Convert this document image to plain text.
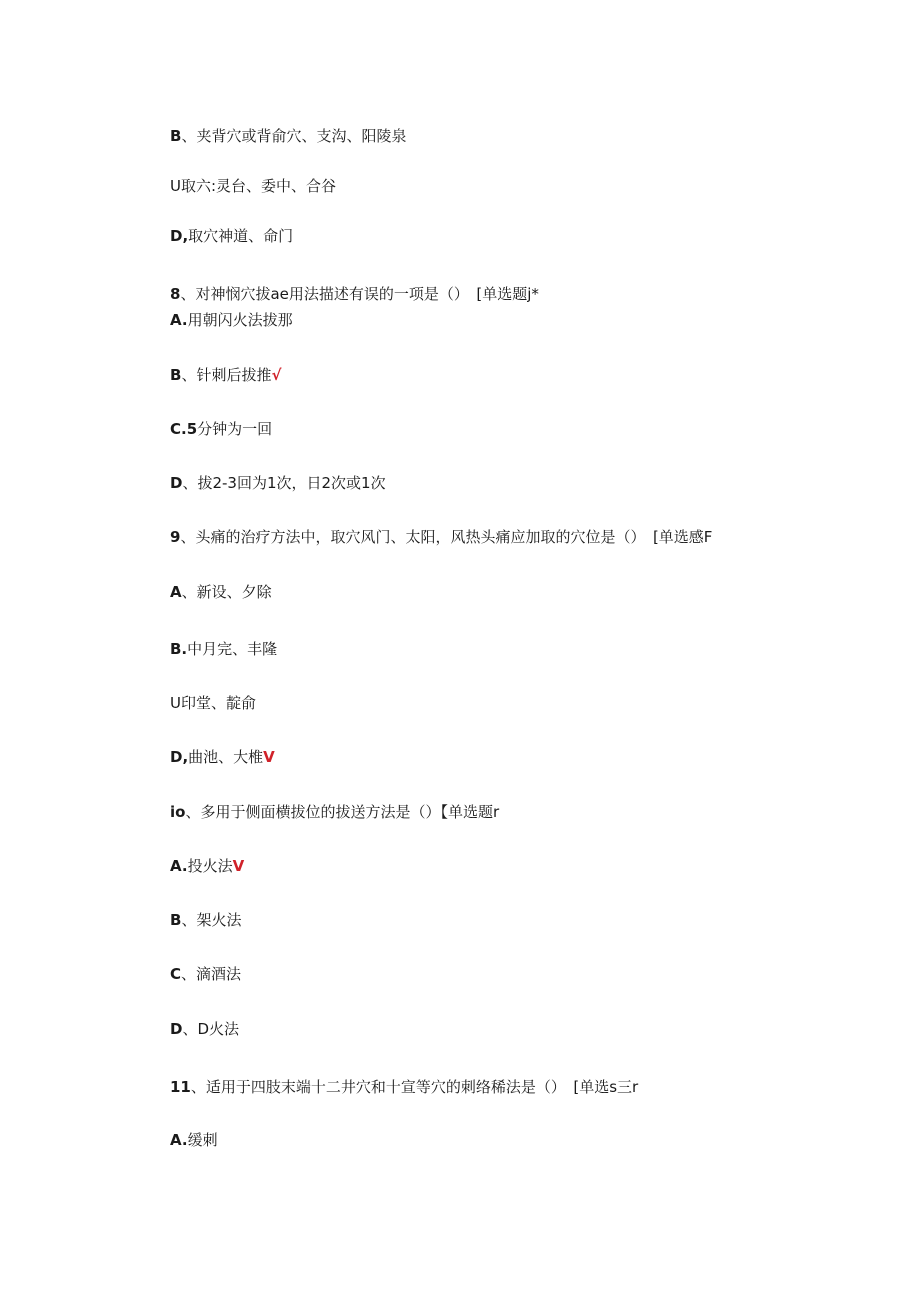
B、夹背穴或背俞穴、支沟、阳陵泉
U取六:灵台、委中、合谷
D,取穴神道、命门
8、对神悯穴拔ae用法描述有误的一项是（）　[单选题j*
A.用朝闪火法拔那
B、针刺后拔推√
C.5分钟为一回
D、拔2-3回为1次，日2次或1次
9、头痛的治疗方法中，取穴风门、太阳，风热头痛应加取的穴位是（）　[单选感F
A、新设、夕除
B.中月完、丰隆
U印堂、靛俞
D,曲池、大椎V
io、多用于侧面横拔位的拔送方法是（）【单选题r
A.投火法V
B、架火法
C、滴酒法
D、D火法
11、适用于四肢末端十二井穴和十宣等穴的刺络稀法是（）　[单选s三r
A.缓刺
